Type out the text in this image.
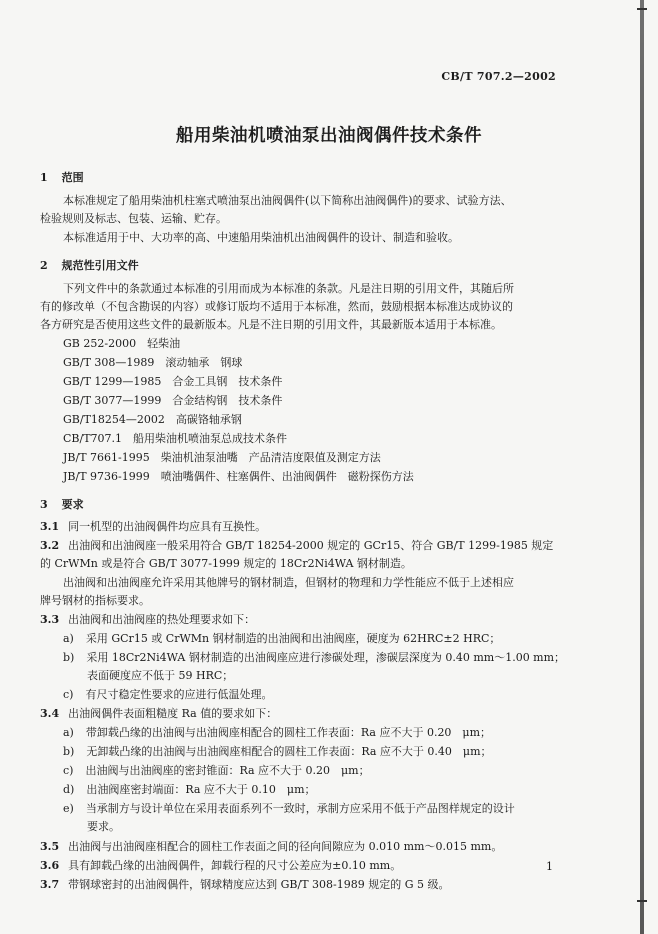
CB/T 707.2—2002
船用柴油机喷油泵出油阀偶件技术条件
1 范围
本标准规定了船用柴油机柱塞式喷油泵出油阀偶件(以下简称出油阀偶件)的要求、试验方法、
检验规则及标志、包装、运输、贮存。
本标准适用于中、大功率的高、中速船用柴油机出油阀偶件的设计、制造和验收。
2 规范性引用文件
下列文件中的条款通过本标准的引用而成为本标准的条款。凡是注日期的引用文件，其随后所
有的修改单（不包含勘误的内容）或修订版均不适用于本标准，然而，鼓励根据本标准达成协议的
各方研究是否使用这些文件的最新版本。凡是不注日期的引用文件，其最新版本适用于本标准。
GB 252-2000　轻柴油
GB/T 308—1989　滚动轴承　钢球
GB/T 1299—1985　合金工具钢　技术条件
GB/T 3077—1999　合金结构钢　技术条件
GB/T18254—2002　高碳铬轴承钢
CB/T707.1　船用柴油机喷油泵总成技术条件
JB/T 7661-1995　柴油机油泵油嘴　产品清洁度限值及测定方法
JB/T 9736-1999　喷油嘴偶件、柱塞偶件、出油阀偶件　磁粉探伤方法
3 要求
3.1 同一机型的出油阀偶件均应具有互换性。
3.2 出油阀和出油阀座一般采用符合 GB/T 18254-2000 规定的 GCr15、符合 GB/T 1299-1985 规定
的 CrWMn 或是符合 GB/T 3077-1999 规定的 18Cr2Ni4WA 钢材制造。
出油阀和出油阀座允许采用其他牌号的钢材制造，但钢材的物理和力学性能应不低于上述相应
牌号钢材的指标要求。
3.3 出油阀和出油阀座的热处理要求如下：
a) 采用 GCr15 或 CrWMn 钢材制造的出油阀和出油阀座，硬度为 62HRC±2 HRC；
b) 采用 18Cr2Ni4WA 钢材制造的出油阀座应进行渗碳处理，渗碳层深度为 0.40 mm～1.00 mm；
表面硬度应不低于 59 HRC；
c) 有尺寸稳定性要求的应进行低温处理。
3.4 出油阀偶件表面粗糙度 Ra 值的要求如下：
a) 带卸载凸缘的出油阀与出油阀座相配合的圆柱工作表面：Ra 应不大于 0.20　μm；
b) 无卸载凸缘的出油阀与出油阀座相配合的圆柱工作表面：Ra 应不大于 0.40　μm；
c) 出油阀与出油阀座的密封锥面：Ra 应不大于 0.20　μm；
d) 出油阀座密封端面：Ra 应不大于 0.10　μm；
e) 当承制方与设计单位在采用表面系列不一致时，承制方应采用不低于产品图样规定的设计
要求。
3.5 出油阀与出油阀座相配合的圆柱工作表面之间的径向间隙应为 0.010 mm～0.015 mm。
3.6 具有卸载凸缘的出油阀偶件，卸载行程的尺寸公差应为±0.10 mm。
3.7 带钢球密封的出油阀偶件，钢球精度应达到 GB/T 308-1989 规定的 G 5 级。
1
